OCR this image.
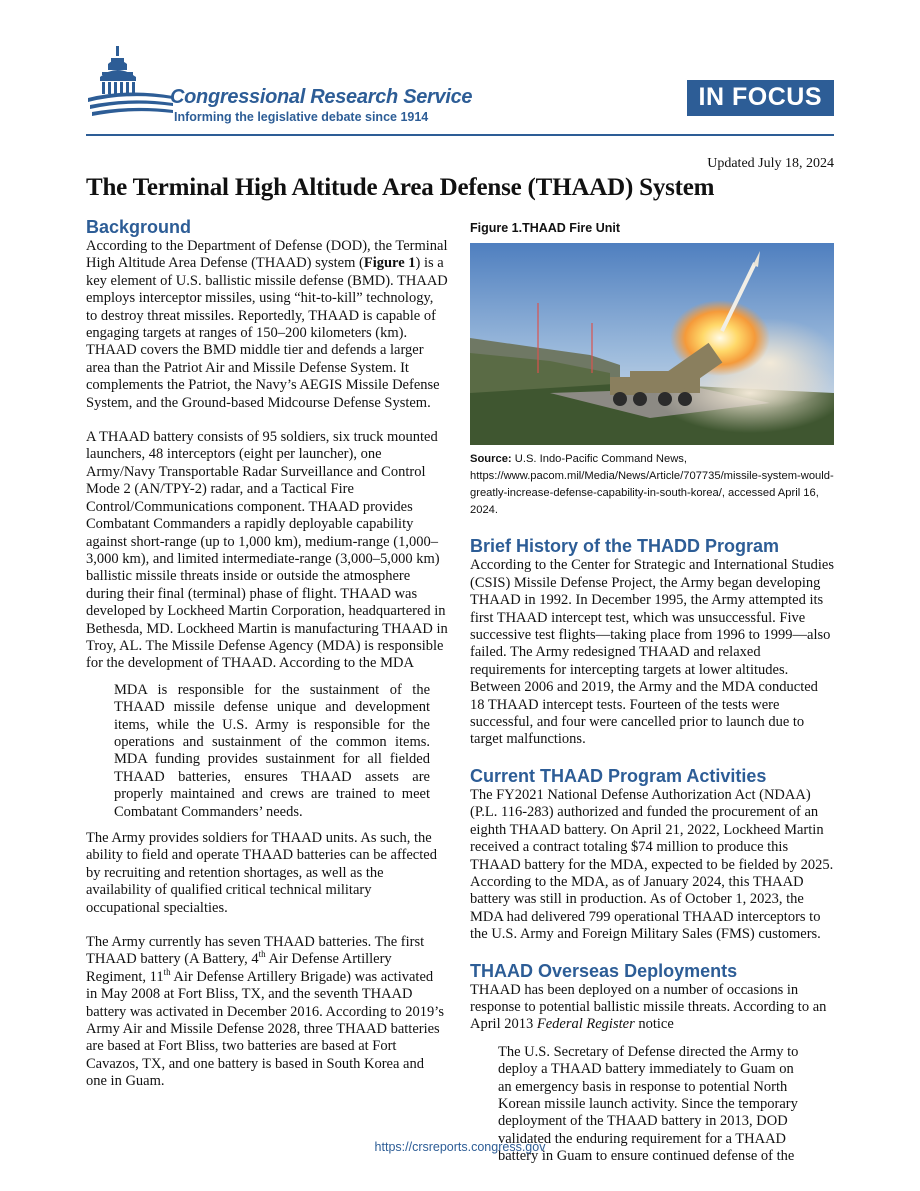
Congressional Research Service
Informing the legislative debate since 1914
IN FOCUS
Updated July 18, 2024
The Terminal High Altitude Area Defense (THAAD) System
Background

According to the Department of Defense (DOD), the Terminal High Altitude Area Defense (THAAD) system (Figure 1) is a key element of U.S. ballistic missile defense (BMD). THAAD employs interceptor missiles, using “hit-to-kill” technology, to destroy threat missiles. Reportedly, THAAD is capable of engaging targets at ranges of 150–200 kilometers (km). THAAD covers the BMD middle tier and defends a larger area than the Patriot Air and Missile Defense System. It complements the Patriot, the Navy’s AEGIS Missile Defense System, and the Ground-based Midcourse Defense System.

A THAAD battery consists of 95 soldiers, six truck mounted launchers, 48 interceptors (eight per launcher), one Army/Navy Transportable Radar Surveillance and Control Mode 2 (AN/TPY-2) radar, and a Tactical Fire Control/Communications component. THAAD provides Combatant Commanders a rapidly deployable capability against short-range (up to 1,000 km), medium-range (1,000–3,000 km), and limited intermediate-range (3,000–5,000 km) ballistic missile threats inside or outside the atmosphere during their final (terminal) phase of flight. THAAD was developed by Lockheed Martin Corporation, headquartered in Bethesda, MD. Lockheed Martin is manufacturing THAAD in Troy, AL. The Missile Defense Agency (MDA) is responsible for the development of THAAD. According to the MDA

MDA is responsible for the sustainment of the THAAD missile defense unique and development items, while the U.S. Army is responsible for the operations and sustainment of the common items. MDA funding provides sustainment for all fielded THAAD batteries, ensures THAAD assets are properly maintained and crews are trained to meet Combatant Commanders’ needs.

The Army provides soldiers for THAAD units. As such, the ability to field and operate THAAD batteries can be affected by recruiting and retention shortages, as well as the availability of qualified critical technical military occupational specialties.

The Army currently has seven THAAD batteries. The first THAAD battery (A Battery, 4th Air Defense Artillery Regiment, 11th Air Defense Artillery Brigade) was activated in May 2008 at Fort Bliss, TX, and the seventh THAAD battery was activated in December 2016. According to 2019’s Army Air and Missile Defense 2028, three THAAD batteries are based at Fort Bliss, two batteries are based at Fort Cavazos, TX, and one battery is based in South Korea and one in Guam.

Figure 1.THAAD Fire Unit
Source: U.S. Indo-Pacific Command News, https://www.pacom.mil/Media/News/Article/707735/missile-system-would-greatly-increase-defense-capability-in-south-korea/, accessed April 16, 2024.
Brief History of the THADD Program

According to the Center for Strategic and International Studies (CSIS) Missile Defense Project, the Army began developing THAAD in 1992. In December 1995, the Army attempted its first THAAD intercept test, which was unsuccessful. Five successive test flights—taking place from 1996 to 1999—also failed. The Army redesigned THAAD and relaxed requirements for intercepting targets at lower altitudes. Between 2006 and 2019, the Army and the MDA conducted 18 THAAD intercept tests. Fourteen of the tests were successful, and four were cancelled prior to launch due to target malfunctions.

Current THAAD Program Activities

The FY2021 National Defense Authorization Act (NDAA) (P.L. 116-283) authorized and funded the procurement of an eighth THAAD battery. On April 21, 2022, Lockheed Martin received a contract totaling $74 million to produce this THAAD battery for the MDA, expected to be fielded by 2025. According to the MDA, as of January 2024, this THAAD battery was still in production. As of October 1, 2023, the MDA had delivered 799 operational THAAD interceptors to the U.S. Army and Foreign Military Sales (FMS) customers.

THAAD Overseas Deployments

THAAD has been deployed on a number of occasions in response to potential ballistic missile threats. According to an April 2013 Federal Register notice

The U.S. Secretary of Defense directed the Army to deploy a THAAD battery immediately to Guam on an emergency basis in response to potential North Korean missile launch activity. Since the temporary deployment of the THAAD battery in 2013, DOD validated the enduring requirement for a THAAD battery in Guam to ensure continued defense of the

https://crsreports.congress.gov
